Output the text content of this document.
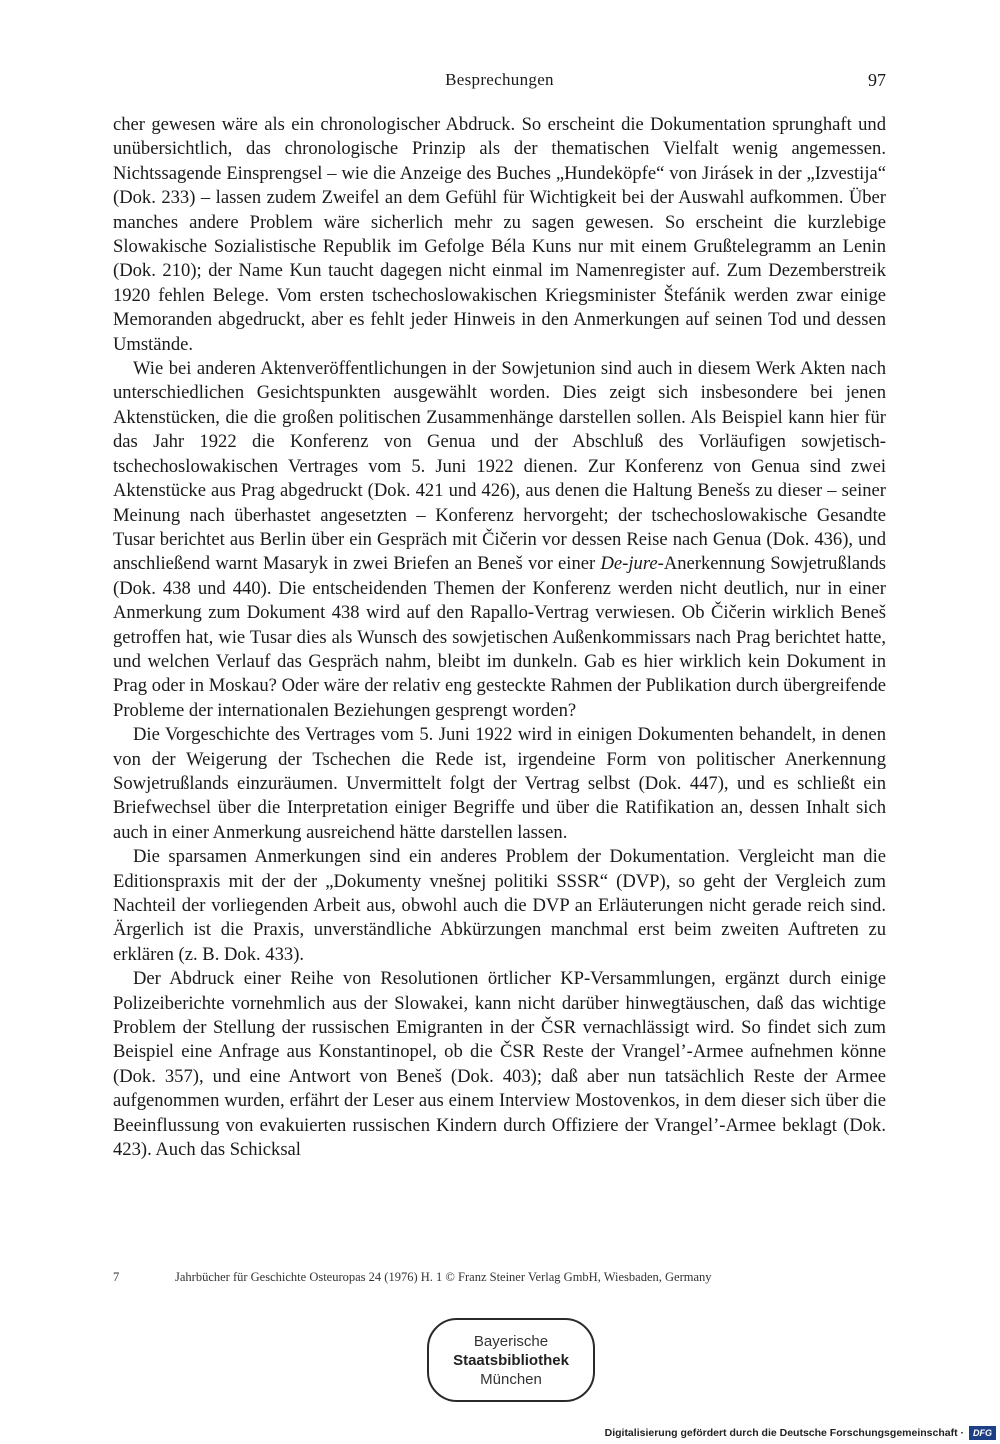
Besprechungen	97

cher gewesen wäre als ein chronologischer Abdruck. So erscheint die Dokumentation sprunghaft und unübersichtlich, das chronologische Prinzip als der thematischen Vielfalt wenig angemessen. Nichtssagende Einsprengsel – wie die Anzeige des Buches „Hundeköpfe“ von Jirásek in der „Izvestija“ (Dok. 233) – lassen zudem Zweifel an dem Gefühl für Wichtigkeit bei der Auswahl aufkommen. Über manches andere Problem wäre sicherlich mehr zu sagen gewesen. So erscheint die kurzlebige Slowakische Sozialistische Republik im Gefolge Béla Kuns nur mit einem Grußtelegramm an Lenin (Dok. 210); der Name Kun taucht dagegen nicht einmal im Namenregister auf. Zum Dezemberstreik 1920 fehlen Belege. Vom ersten tschechoslowakischen Kriegsminister Štefánik werden zwar einige Memoranden abgedruckt, aber es fehlt jeder Hinweis in den Anmerkungen auf seinen Tod und dessen Umstände.

Wie bei anderen Aktenveröffentlichungen in der Sowjetunion sind auch in diesem Werk Akten nach unterschiedlichen Gesichtspunkten ausgewählt worden. Dies zeigt sich insbesondere bei jenen Aktenstücken, die die großen politischen Zusammenhänge darstellen sollen. Als Beispiel kann hier für das Jahr 1922 die Konferenz von Genua und der Abschluß des Vorläufigen sowjetisch-tschechoslowakischen Vertrages vom 5. Juni 1922 dienen. Zur Konferenz von Genua sind zwei Aktenstücke aus Prag abgedruckt (Dok. 421 und 426), aus denen die Haltung Benešs zu dieser – seiner Meinung nach überhastet angesetzten – Konferenz hervorgeht; der tschechoslowakische Gesandte Tusar berichtet aus Berlin über ein Gespräch mit Čičerin vor dessen Reise nach Genua (Dok. 436), und anschließend warnt Masaryk in zwei Briefen an Beneš vor einer De-jure-Anerkennung Sowjetrußlands (Dok. 438 und 440). Die entscheidenden Themen der Konferenz werden nicht deutlich, nur in einer Anmerkung zum Dokument 438 wird auf den Rapallo-Vertrag verwiesen. Ob Čičerin wirklich Beneš getroffen hat, wie Tusar dies als Wunsch des sowjetischen Außenkommissars nach Prag berichtet hatte, und welchen Verlauf das Gespräch nahm, bleibt im dunkeln. Gab es hier wirklich kein Dokument in Prag oder in Moskau? Oder wäre der relativ eng gesteckte Rahmen der Publikation durch übergreifende Probleme der internationalen Beziehungen gesprengt worden?

Die Vorgeschichte des Vertrages vom 5. Juni 1922 wird in einigen Dokumenten behandelt, in denen von der Weigerung der Tschechen die Rede ist, irgendeine Form von politischer Anerkennung Sowjetrußlands einzuräumen. Unvermittelt folgt der Vertrag selbst (Dok. 447), und es schließt ein Briefwechsel über die Interpretation einiger Begriffe und über die Ratifikation an, dessen Inhalt sich auch in einer Anmerkung ausreichend hätte darstellen lassen.

Die sparsamen Anmerkungen sind ein anderes Problem der Dokumentation. Vergleicht man die Editionspraxis mit der der „Dokumenty vnešnej politiki SSSR“ (DVP), so geht der Vergleich zum Nachteil der vorliegenden Arbeit aus, obwohl auch die DVP an Erläuterungen nicht gerade reich sind. Ärgerlich ist die Praxis, unverständliche Abkürzungen manchmal erst beim zweiten Auftreten zu erklären (z. B. Dok. 433).

Der Abdruck einer Reihe von Resolutionen örtlicher KP-Versammlungen, ergänzt durch einige Polizeiberichte vornehmlich aus der Slowakei, kann nicht darüber hinwegtäuschen, daß das wichtige Problem der Stellung der russischen Emigranten in der ČSR vernachlässigt wird. So findet sich zum Beispiel eine Anfrage aus Konstantinopel, ob die ČSR Reste der Vrangel’-Armee aufnehmen könne (Dok. 357), und eine Antwort von Beneš (Dok. 403); daß aber nun tatsächlich Reste der Armee aufgenommen wurden, erfährt der Leser aus einem Interview Mostovenkos, in dem dieser sich über die Beeinflussung von evakuierten russischen Kindern durch Offiziere der Vrangel’-Armee beklagt (Dok. 423). Auch das Schicksal

7	Jahrbücher für Geschichte Osteuropas 24 (1976) H. 1 © Franz Steiner Verlag GmbH, Wiesbaden, Germany
Bayerische
Staatsbibliothek
München
Digitalisierung gefördert durch die Deutsche Forschungsgemeinschaft ·	DFG
